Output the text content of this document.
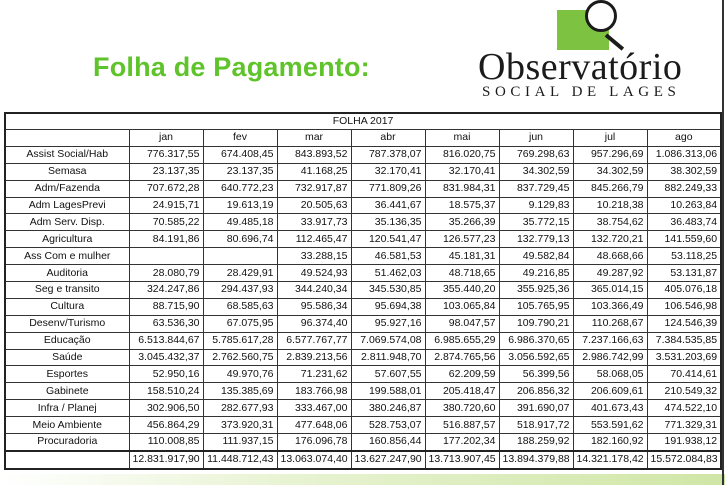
Folha de Pagamento:	Observatório
SOCIAL DE LAGES
FOLHA 2017								
	jan	fev	mar	abr	mai	jun	jul	ago
Assist Social/Hab	776.317,55	674.408,45	843.893,52	787.378,07	816.020,75	769.298,63	957.296,69	1.086.313,06
Semasa	23.137,35	23.137,35	41.168,25	32.170,41	32.170,41	34.302,59	34.302,59	38.302,59
Adm/Fazenda	707.672,28	640.772,23	732.917,87	771.809,26	831.984,31	837.729,45	845.266,79	882.249,33
Adm LagesPrevi	24.915,71	19.613,19	20.505,63	36.441,67	18.575,37	9.129,83	10.218,38	10.263,84
Adm Serv. Disp.	70.585,22	49.485,18	33.917,73	35.136,35	35.266,39	35.772,15	38.754,62	36.483,74
Agricultura	84.191,86	80.696,74	112.465,47	120.541,47	126.577,23	132.779,13	132.720,21	141.559,60
Ass Com e mulher			33.288,15	46.581,53	45.181,31	49.582,84	48.668,66	53.118,25
Auditoria	28.080,79	28.429,91	49.524,93	51.462,03	48.718,65	49.216,85	49.287,92	53.131,87
Seg e transito	324.247,86	294.437,93	344.240,34	345.530,85	355.440,20	355.925,36	365.014,15	405.076,18
Cultura	88.715,90	68.585,63	95.586,34	95.694,38	103.065,84	105.765,95	103.366,49	106.546,98
Desenv/Turismo	63.536,30	67.075,95	96.374,40	95.927,16	98.047,57	109.790,21	110.268,67	124.546,39
Educação	6.513.844,67	5.785.617,28	6.577.767,77	7.069.574,08	6.985.655,29	6.986.370,65	7.237.166,63	7.384.535,85
Saúde	3.045.432,37	2.762.560,75	2.839.213,56	2.811.948,70	2.874.765,56	3.056.592,65	2.986.742,99	3.531.203,69
Esportes	52.950,16	49.970,76	71.231,62	57.607,55	62.209,59	56.399,56	58.068,05	70.414,61
Gabinete	158.510,24	135.385,69	183.766,98	199.588,01	205.418,47	206.856,32	206.609,61	210.549,32
Infra / Planej	302.906,50	282.677,93	333.467,00	380.246,87	380.720,60	391.690,07	401.673,43	474.522,10
Meio Ambiente	456.864,29	373.920,31	477.648,06	528.753,07	516.887,57	518.917,72	553.591,62	771.329,31
Procuradoria	110.008,85	111.937,15	176.096,78	160.856,44	177.202,34	188.259,92	182.160,92	191.938,12
	12.831.917,90	11.448.712,43	13.063.074,40	13.627.247,90	13.713.907,45	13.894.379,88	14.321.178,42	15.572.084,83
